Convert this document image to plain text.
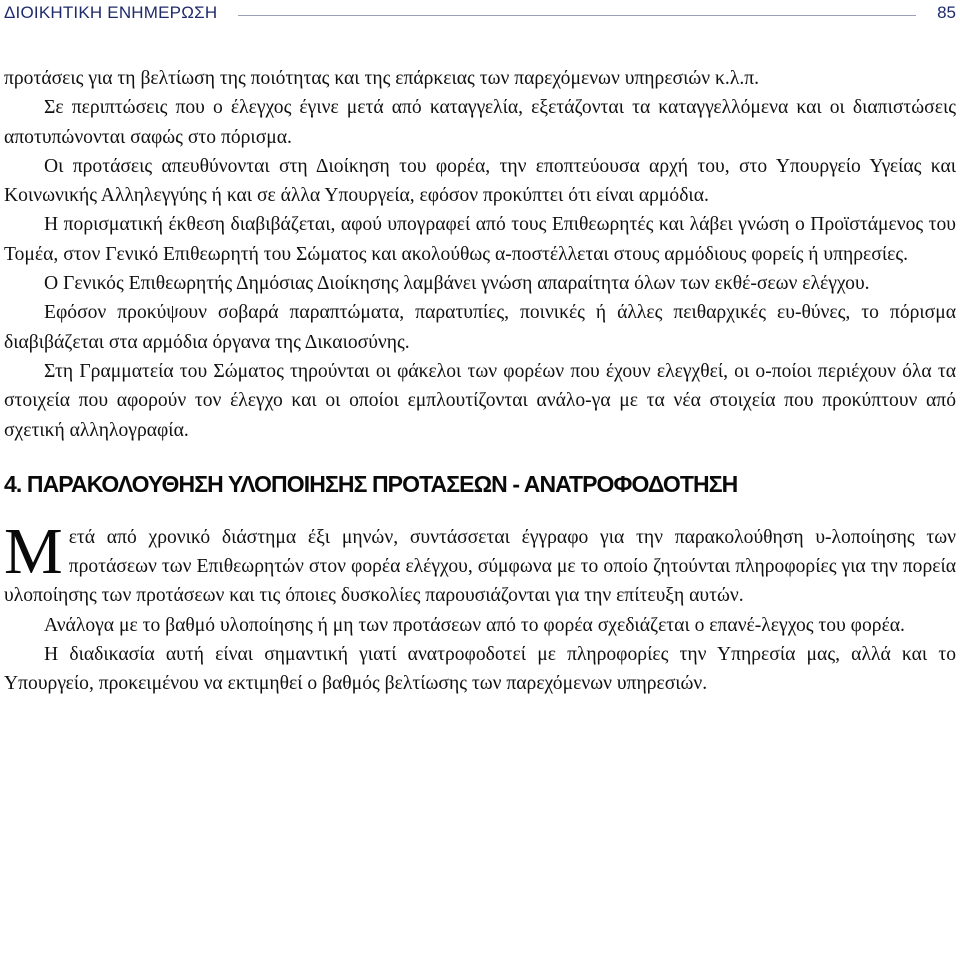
ΔΙΟΙΚΗΤΙΚΗ ΕΝΗΜΕΡΩΣΗ	85

προτάσεις για τη βελτίωση της ποιότητας και της επάρκειας των παρεχόμενων υπηρεσιών κ.λ.π.

Σε περιπτώσεις που ο έλεγχος έγινε μετά από καταγγελία, εξετάζονται τα καταγγελλόμενα και οι διαπιστώσεις αποτυπώνονται σαφώς στο πόρισμα.

Οι προτάσεις απευθύνονται στη Διοίκηση του φορέα, την εποπτεύουσα αρχή του, στο Υπουργείο Υγείας και Κοινωνικής Αλληλεγγύης ή και σε άλλα Υπουργεία, εφόσον προκύπτει ότι είναι αρμόδια.

Η πορισματική έκθεση διαβιβάζεται, αφού υπογραφεί από τους Επιθεωρητές και λάβει γνώση ο Προϊστάμενος του Τομέα, στον Γενικό Επιθεωρητή του Σώματος και ακολούθως α-ποστέλλεται στους αρμόδιους φορείς ή υπηρεσίες.

Ο Γενικός Επιθεωρητής Δημόσιας Διοίκησης λαμβάνει γνώση απαραίτητα όλων των εκθέ-σεων ελέγχου.

Εφόσον προκύψουν σοβαρά παραπτώματα, παρατυπίες, ποινικές ή άλλες πειθαρχικές ευ-θύνες, το πόρισμα διαβιβάζεται στα αρμόδια όργανα της Δικαιοσύνης.

Στη Γραμματεία του Σώματος τηρούνται οι φάκελοι των φορέων που έχουν ελεγχθεί, οι ο-ποίοι περιέχουν όλα τα στοιχεία που αφορούν τον έλεγχο και οι οποίοι εμπλουτίζονται ανάλο-γα με τα νέα στοιχεία που προκύπτουν από σχετική αλληλογραφία.

4. ΠΑΡΑΚΟΛΟΥΘΗΣΗ ΥΛΟΠΟΙΗΣΗΣ ΠΡΟΤΑΣΕΩΝ - ΑΝΑΤΡΟΦΟΔΟΤΗΣΗ

Μετά από χρονικό διάστημα έξι μηνών, συντάσσεται έγγραφο για την παρακολούθηση υ-λοποίησης των προτάσεων των Επιθεωρητών στον φορέα ελέγχου, σύμφωνα με το οποίο ζητούνται πληροφορίες για την πορεία υλοποίησης των προτάσεων και τις όποιες δυσκολίες παρουσιάζονται για την επίτευξη αυτών.

Ανάλογα με το βαθμό υλοποίησης ή μη των προτάσεων από το φορέα σχεδιάζεται ο επανέ-λεγχος του φορέα.

Η διαδικασία αυτή είναι σημαντική γιατί ανατροφοδοτεί με πληροφορίες την Υπηρεσία μας, αλλά και το Υπουργείο, προκειμένου να εκτιμηθεί ο βαθμός βελτίωσης των παρεχόμενων υπηρεσιών.
